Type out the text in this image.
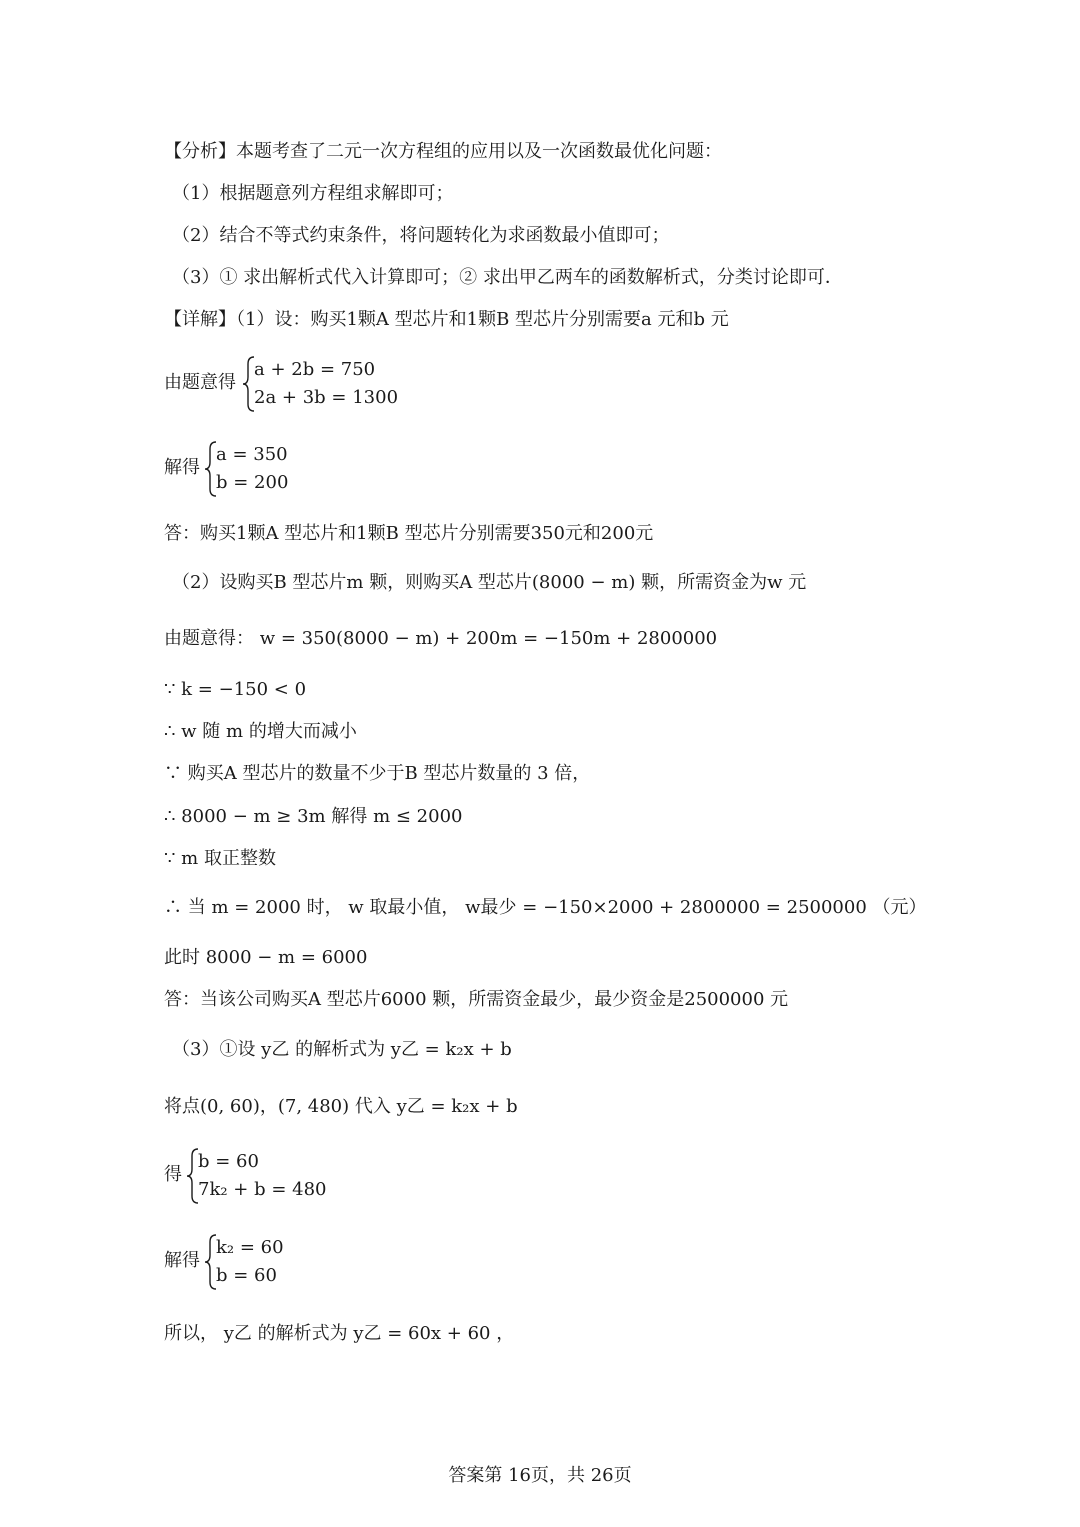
【分析】本题考查了二元一次方程组的应用以及一次函数最优化问题：
（1）根据题意列方程组求解即可；
（2）结合不等式约束条件，将问题转化为求函数最小值即可；
（3）① 求出解析式代入计算即可；② 求出甲乙两车的函数解析式，分类讨论即可．
【详解】（1）设：购买1颗A 型芯片和1颗B 型芯片分别需要a 元和b 元
由题意得
a + 2b = 750
2a + 3b = 1300
解得
a = 350
b = 200
答：购买1颗A 型芯片和1颗B 型芯片分别需要350元和200元
（2）设购买B 型芯片m 颗，则购买A 型芯片(8000 − m) 颗，所需资金为w 元
由题意得： w = 350(8000 − m) + 200m = −150m + 2800000
∵ k = −150 < 0
∴ w 随 m 的增大而减小
∵ 购买A 型芯片的数量不少于B 型芯片数量的 3 倍，
∴ 8000 − m ≥ 3m 解得 m ≤ 2000
∵ m 取正整数
∴ 当 m = 2000 时， w 取最小值， w最少 = −150×2000 + 2800000 = 2500000 （元）
此时 8000 − m = 6000
答：当该公司购买A 型芯片6000 颗，所需资金最少，最少资金是2500000 元
（3）①设 y乙 的解析式为 y乙 = k₂x + b
将点(0, 60)，(7, 480) 代入 y乙 = k₂x + b
得
b = 60
7k₂ + b = 480
解得
k₂ = 60
b = 60
所以， y乙 的解析式为 y乙 = 60x + 60 ，
答案第 16页，共 26页
